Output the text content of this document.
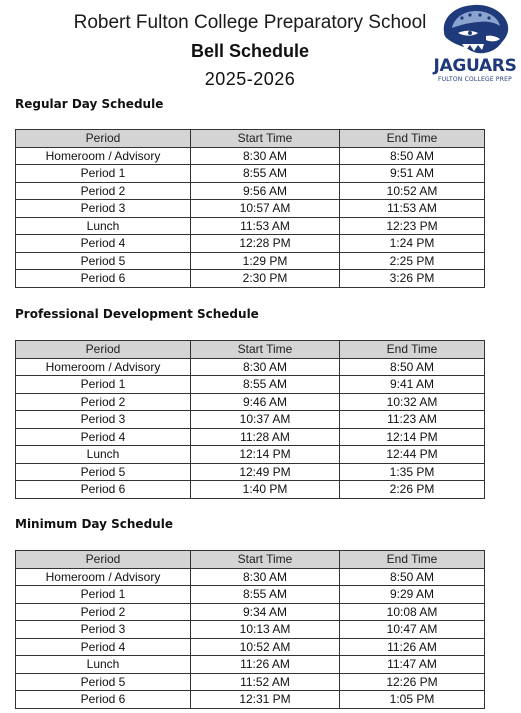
Robert Fulton College Preparatory School
Bell Schedule
2025-2026
JAGUARS
FULTON COLLEGE PREP
Regular Day Schedule
Period	Start Time	End Time
Homeroom / Advisory	8:30 AM	8:50 AM
Period 1	8:55 AM	9:51 AM
Period 2	9:56 AM	10:52 AM
Period 3	10:57 AM	11:53 AM
Lunch	11:53 AM	12:23 PM
Period 4	12:28 PM	1:24 PM
Period 5	1:29 PM	2:25 PM
Period 6	2:30 PM	3:26 PM
Professional Development Schedule
Period	Start Time	End Time
Homeroom / Advisory	8:30 AM	8:50 AM
Period 1	8:55 AM	9:41 AM
Period 2	9:46 AM	10:32 AM
Period 3	10:37 AM	11:23 AM
Period 4	11:28 AM	12:14 PM
Lunch	12:14 PM	12:44 PM
Period 5	12:49 PM	1:35 PM
Period 6	1:40 PM	2:26 PM
Minimum Day Schedule
Period	Start Time	End Time
Homeroom / Advisory	8:30 AM	8:50 AM
Period 1	8:55 AM	9:29 AM
Period 2	9:34 AM	10:08 AM
Period 3	10:13 AM	10:47 AM
Period 4	10:52 AM	11:26 AM
Lunch	11:26 AM	11:47 AM
Period 5	11:52 AM	12:26 PM
Period 6	12:31 PM	1:05 PM
